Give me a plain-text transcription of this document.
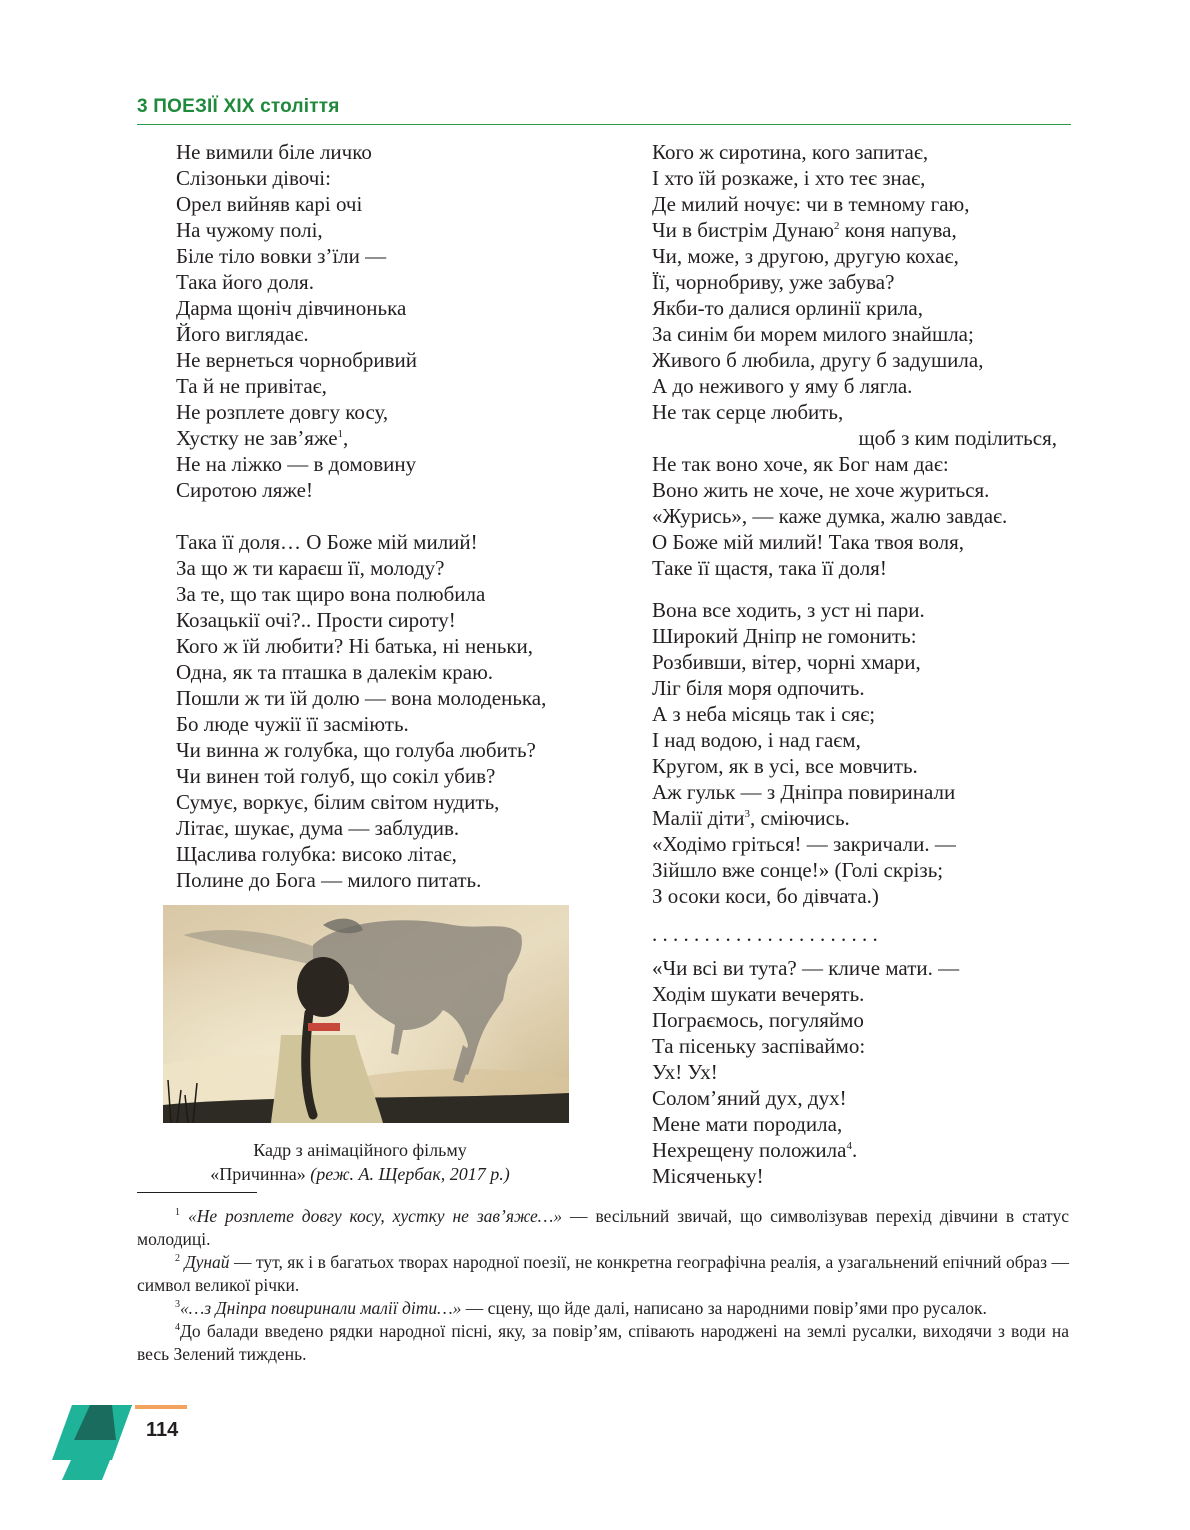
3 ПОЕЗІЇ XIX століття
Не вимили біле личко
Слізоньки дівочі:
Орел вийняв карі очі
На чужому полі,
Біле тіло вовки з’їли —
Така його доля.
Дарма щоніч дівчинонька
Його виглядає.
Не вернеться чорнобривий
Та й не привітає,
Не розплете довгу косу,
Хустку не зав’яже$^1$,
Не на ліжко — в домовину
Сиротою ляже!
Така її доля… О Боже мій милий!
За що ж ти караєш її, молоду?
За те, що так щиро вона полюбила
Козацькії очі?.. Прости сироту!
Кого ж їй любити? Ні батька, ні неньки,
Одна, як та пташка в далекім краю.
Пошли ж ти їй долю — вона молоденька,
Бо люде чужії її засміють.
Чи винна ж голубка, що голуба любить?
Чи винен той голуб, що сокіл убив?
Сумує, воркує, білим світом нудить,
Літає, шукає, дума — заблудив.
Щаслива голубка: високо літає,
Полине до Бога — милого питать.
Кого ж сиротина, кого запитає,
І хто їй розкаже, і хто теє знає,
Де милий ночує: чи в темному гаю,
Чи в бистрім Дунаю$^2$ коня напува,
Чи, може, з другою, другую кохає,
Її, чорнобриву, уже забува?
Якби-то далися орлинії крила,
За синім би морем милого знайшла;
Живого б любила, другу б задушила,
А до неживого у яму б лягла.
Не так серце любить,
щоб з ким поділиться,
Не так воно хоче, як Бог нам дає:
Воно жить не хоче, не хоче журиться.
«Журись», — каже думка, жалю завдає.
О Боже мій милий! Така твоя воля,
Таке її щастя, така її доля!
Вона все ходить, з уст ні пари.
Широкий Дніпр не гомонить:
Розбивши, вітер, чорні хмари,
Ліг біля моря одпочить.
А з неба місяць так і сяє;
І над водою, і над гаєм,
Кругом, як в усі, все мовчить.
Аж гульк — з Дніпра повиринали
Малії діти$^3$, сміючись.
«Ходімо гріться! — закричали. —
Зійшло вже сонце!» (Голі скрізь;
З осоки коси, бо дівчата.)
. . . . . . . . . . . . . . . . . . . . . .
«Чи всі ви тута? — кличе мати. —
Ходім шукати вечерять.
Пограємось, погуляймо
Та пісеньку заспіваймо:
Ух! Ух!
Солом’яний дух, дух!
Мене мати породила,
Нехрещену положила$^4$.
Місяченьку!
Кадр з анімаційного фільму
«Причинна» (реж. А. Щербак, 2017 р.)
$^1$ «Не розплете довгу косу, хустку не зав’яже…» — весільний звичай, що символізував перехід дівчини в статус молодиці.
$^2$ Дунай — тут, як і в багатьох творах народної поезії, не конкретна географічна реалія, а узагальнений епічний образ — символ великої річки.
$^3$«…з Дніпра повиринали малії діти…» — сцену, що йде далі, написано за народними повір’ями про русалок.
$^4$До балади введено рядки народної пісні, яку, за повір’ям, співають народжені на землі русалки, виходячи з води на весь Зелений тиждень.
114
